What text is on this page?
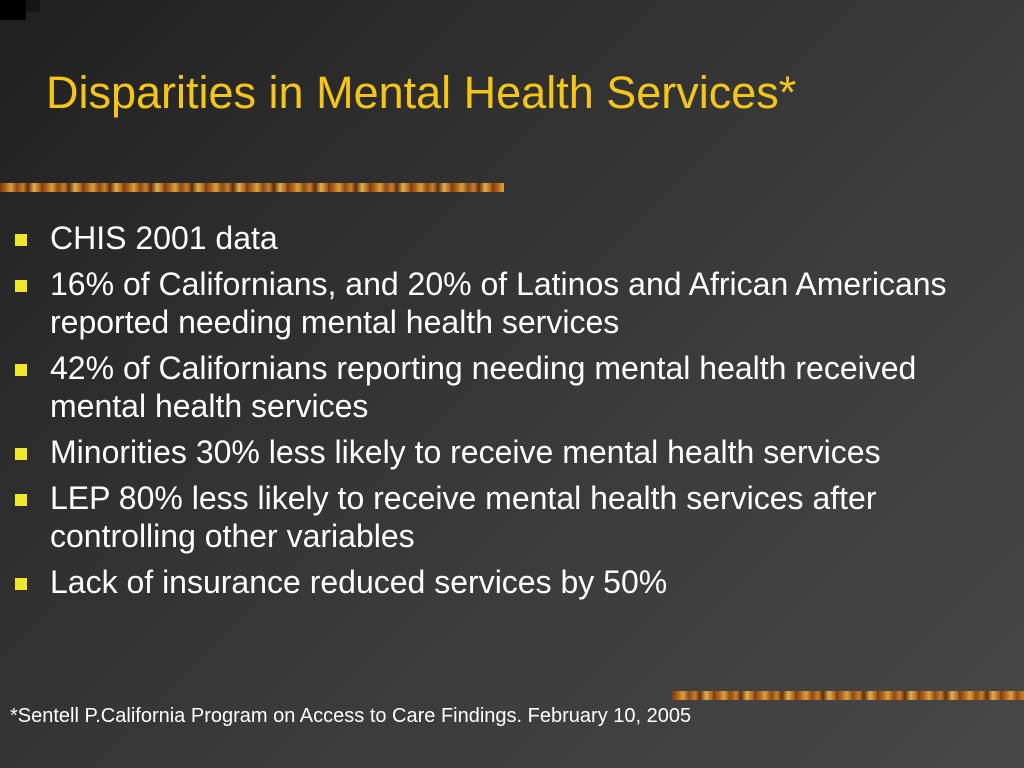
Disparities in Mental Health Services*
CHIS 2001 data
16% of Californians, and 20% of Latinos and African Americans reported needing mental health services
42% of Californians reporting needing mental health received mental health services
Minorities 30% less likely to receive mental health services
LEP 80% less likely to receive mental health services after controlling other variables
Lack of insurance reduced services by 50%

*Sentell P.California Program on Access to Care Findings. February 10, 2005
